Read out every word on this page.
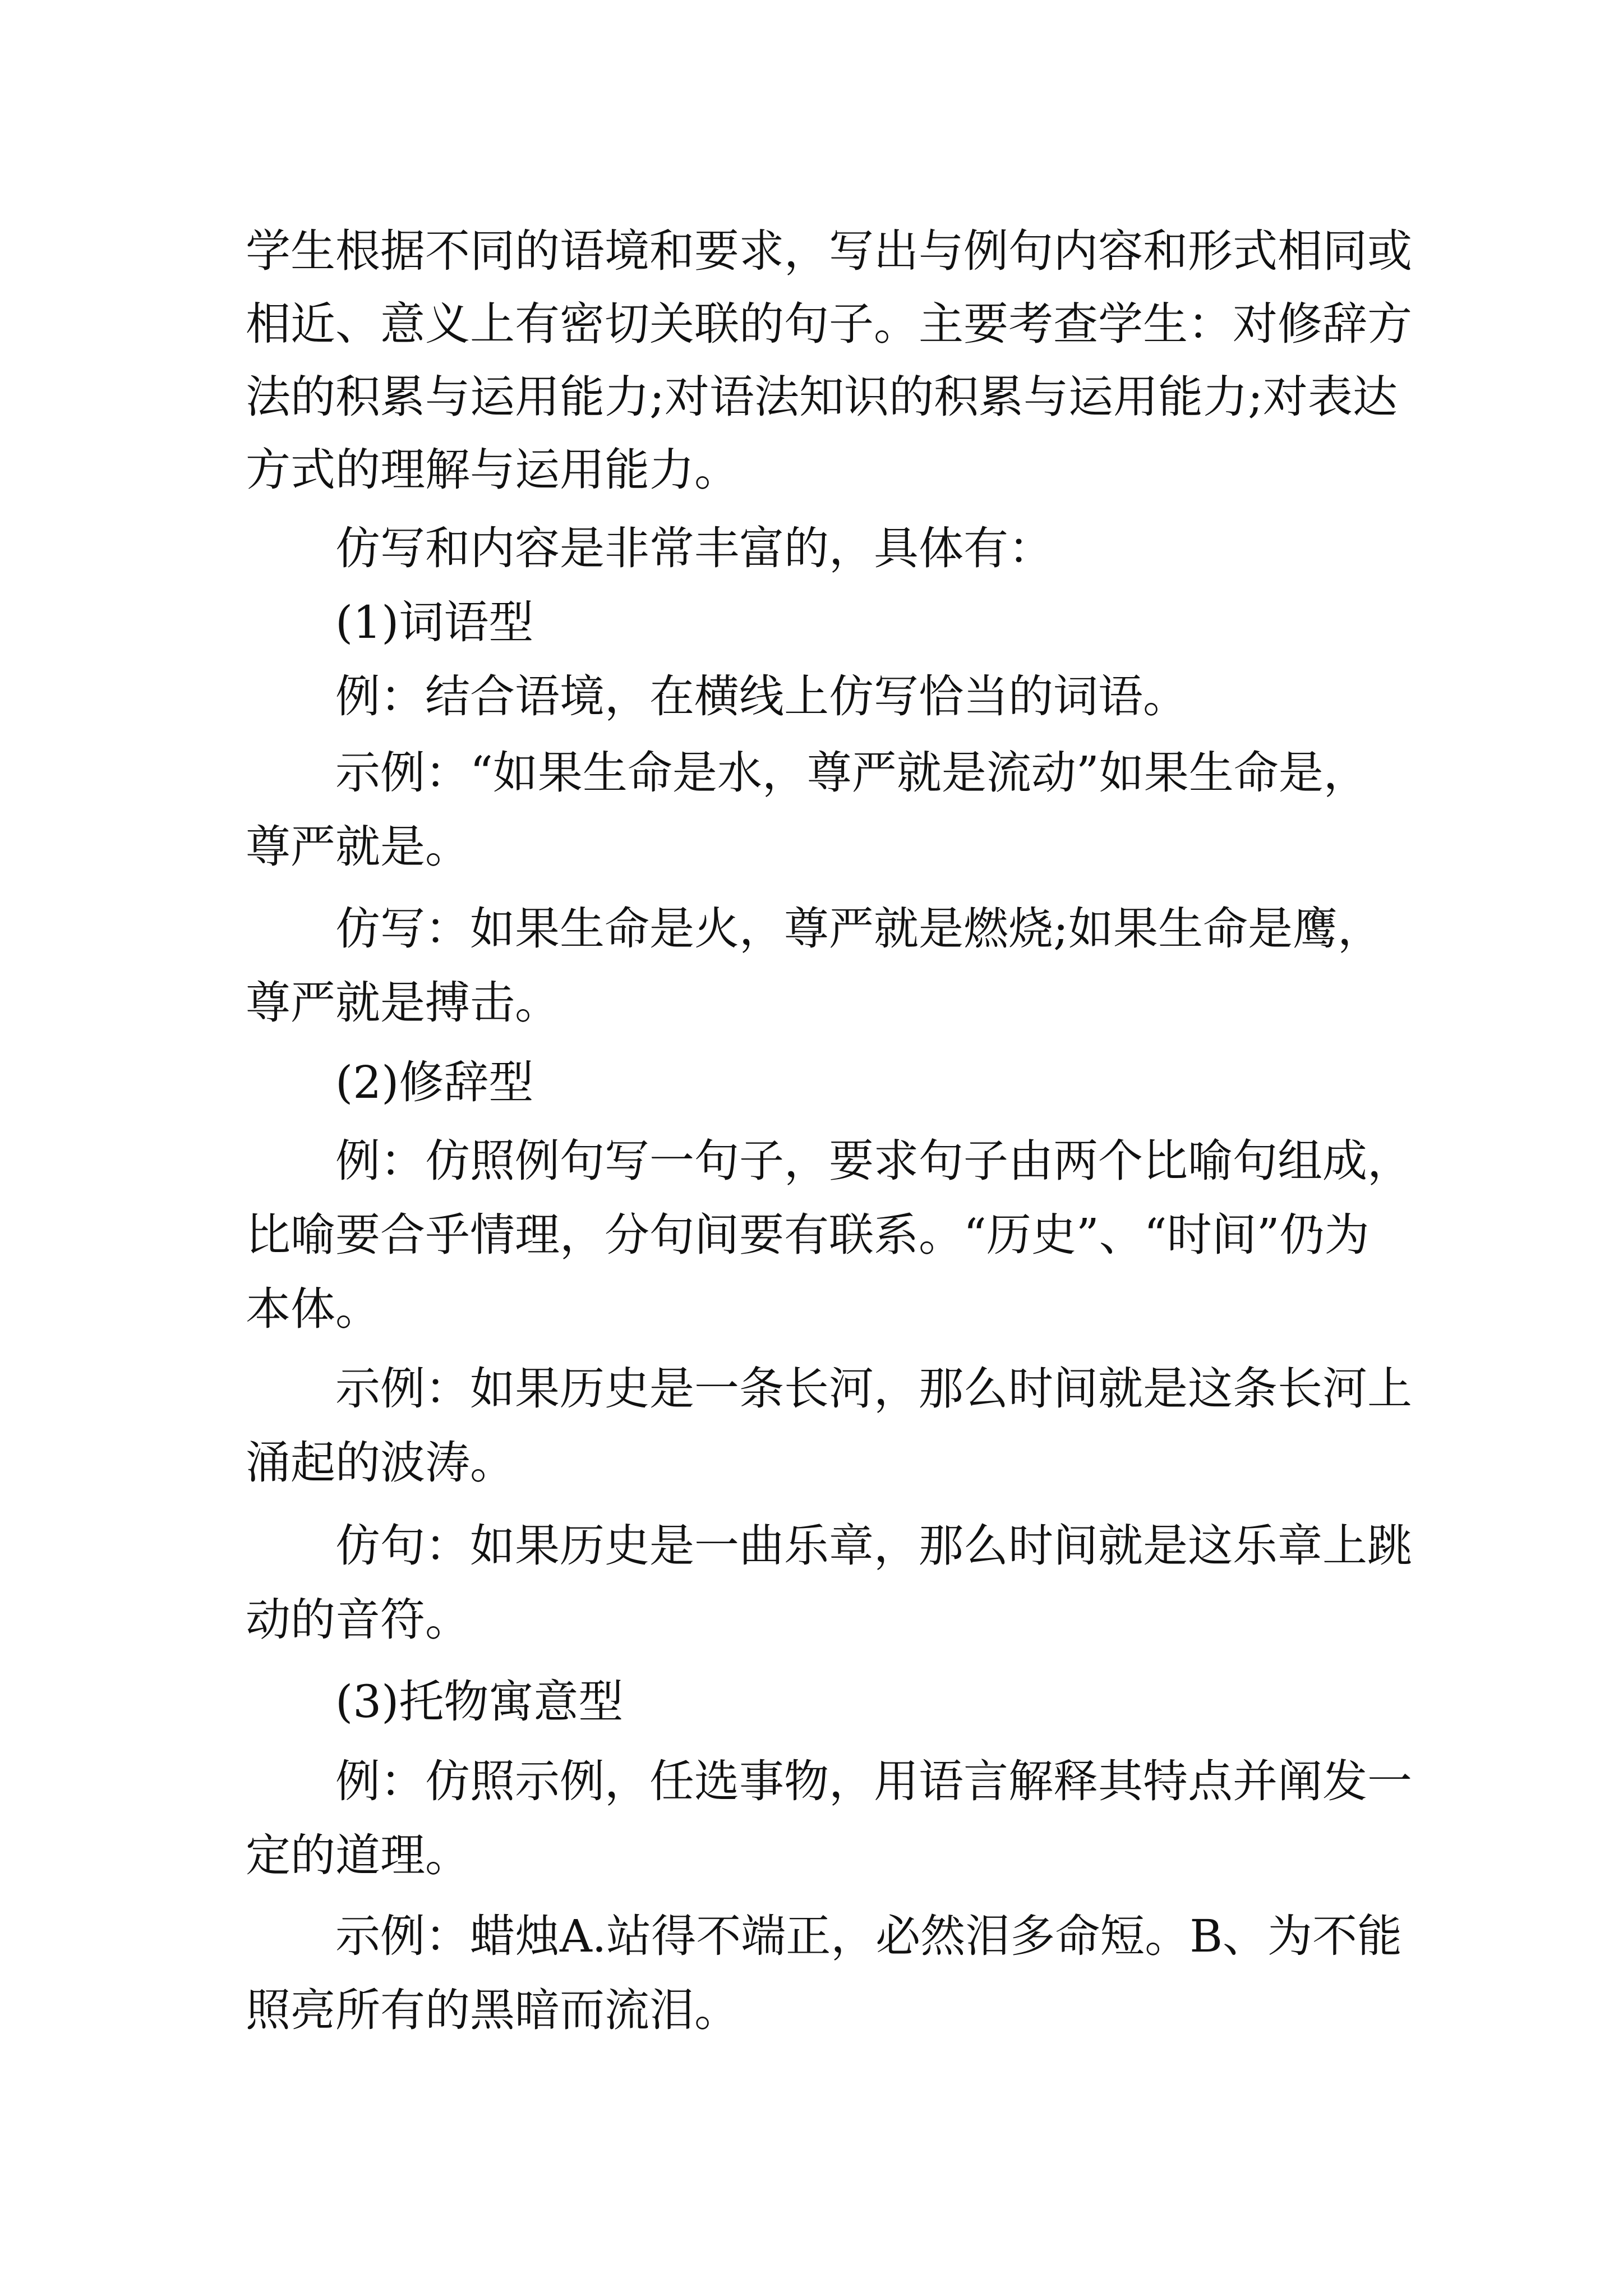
学生根据不同的语境和要求，写出与例句内容和形式相同或
相近、意义上有密切关联的句子。主要考查学生：对修辞方
法的积累与运用能力;对语法知识的积累与运用能力;对表达
方式的理解与运用能力。
仿写和内容是非常丰富的，具体有：
(1)词语型
例：结合语境，在横线上仿写恰当的词语。
示例：“如果生命是水，尊严就是流动”如果生命是，
尊严就是。
仿写：如果生命是火，尊严就是燃烧;如果生命是鹰，
尊严就是搏击。
(2)修辞型
例：仿照例句写一句子，要求句子由两个比喻句组成，
比喻要合乎情理，分句间要有联系。“历史”、“时间”仍为
本体。
示例：如果历史是一条长河，那么时间就是这条长河上
涌起的波涛。
仿句：如果历史是一曲乐章，那么时间就是这乐章上跳
动的音符。
(3)托物寓意型
例：仿照示例，任选事物，用语言解释其特点并阐发一
定的道理。
示例：蜡烛A.站得不端正，必然泪多命短。B、为不能
照亮所有的黑暗而流泪。
